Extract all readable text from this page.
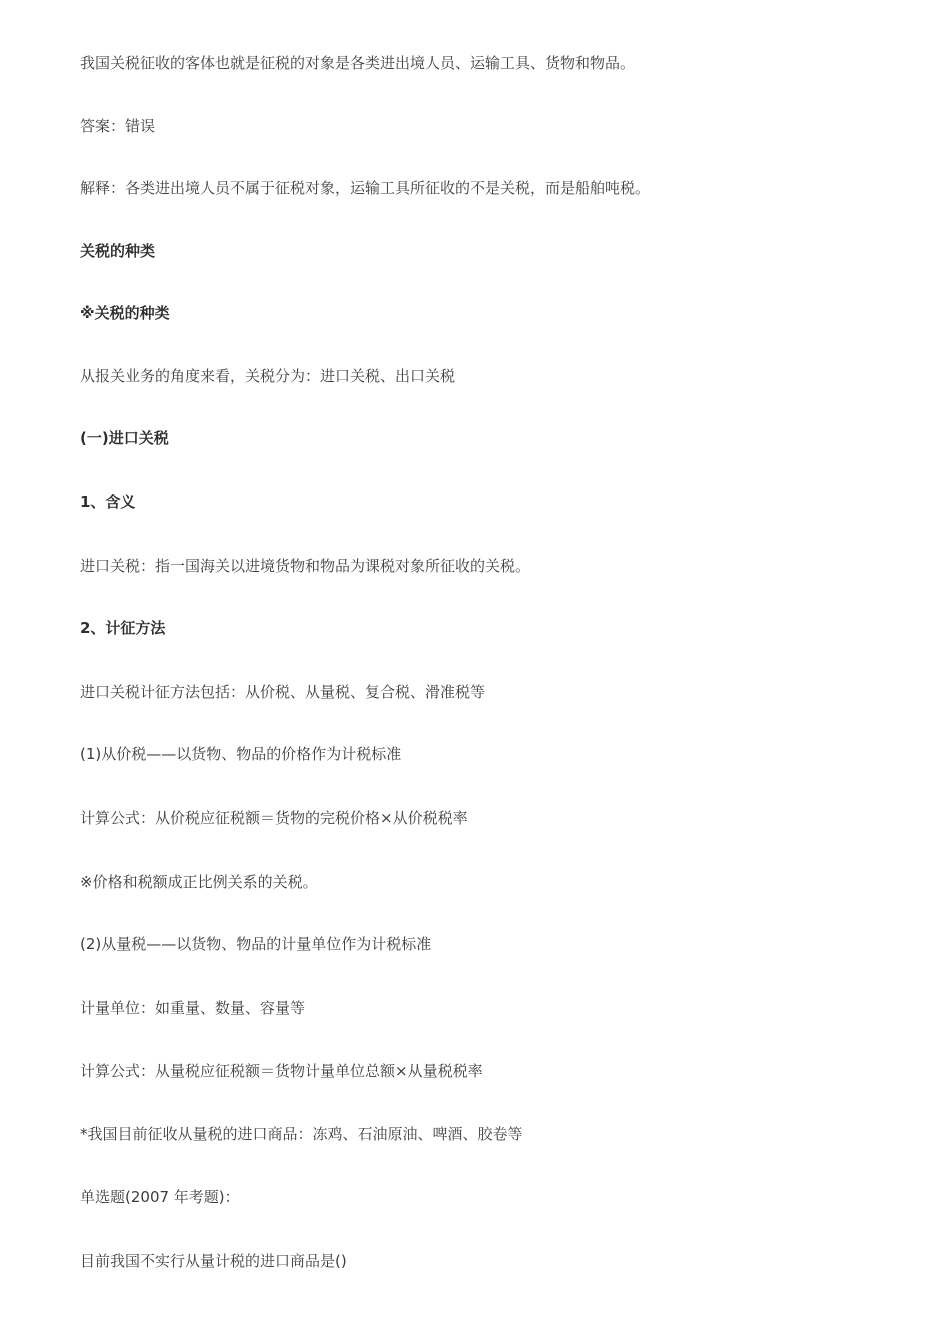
我国关税征收的客体也就是征税的对象是各类进出境人员、运输工具、货物和物品。
答案：错误
解释：各类进出境人员不属于征税对象，运输工具所征收的不是关税，而是船舶吨税。
关税的种类
※关税的种类
从报关业务的角度来看，关税分为：进口关税、出口关税
(一)进口关税
1、含义
进口关税：指一国海关以进境货物和物品为课税对象所征收的关税。
2、计征方法
进口关税计征方法包括：从价税、从量税、复合税、滑准税等
(1)从价税——以货物、物品的价格作为计税标准
计算公式：从价税应征税额＝货物的完税价格×从价税税率
※价格和税额成正比例关系的关税。
(2)从量税——以货物、物品的计量单位作为计税标准
计量单位：如重量、数量、容量等
计算公式：从量税应征税额＝货物计量单位总额×从量税税率
*我国目前征收从量税的进口商品：冻鸡、石油原油、啤酒、胶卷等
单选题(2007 年考题)：
目前我国不实行从量计税的进口商品是()
